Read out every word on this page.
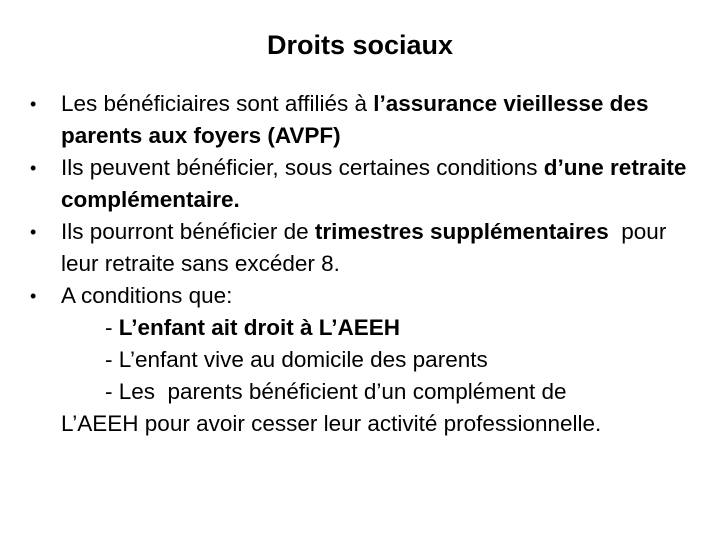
Droits sociaux
•	Les bénéficiaires sont affiliés à l’assurance vieillesse des parents aux foyers (AVPF)
•	Ils peuvent bénéficier, sous certaines conditions d’une retraite complémentaire.
•	Ils pourront bénéficier de trimestres supplémentaires  pour leur retraite sans excéder 8.
•	A conditions que:
- L’enfant ait droit à L’AEEH
- L’enfant vive au domicile des parents
- Les  parents bénéficient d’un complément de
L’AEEH pour avoir cesser leur activité professionnelle.
